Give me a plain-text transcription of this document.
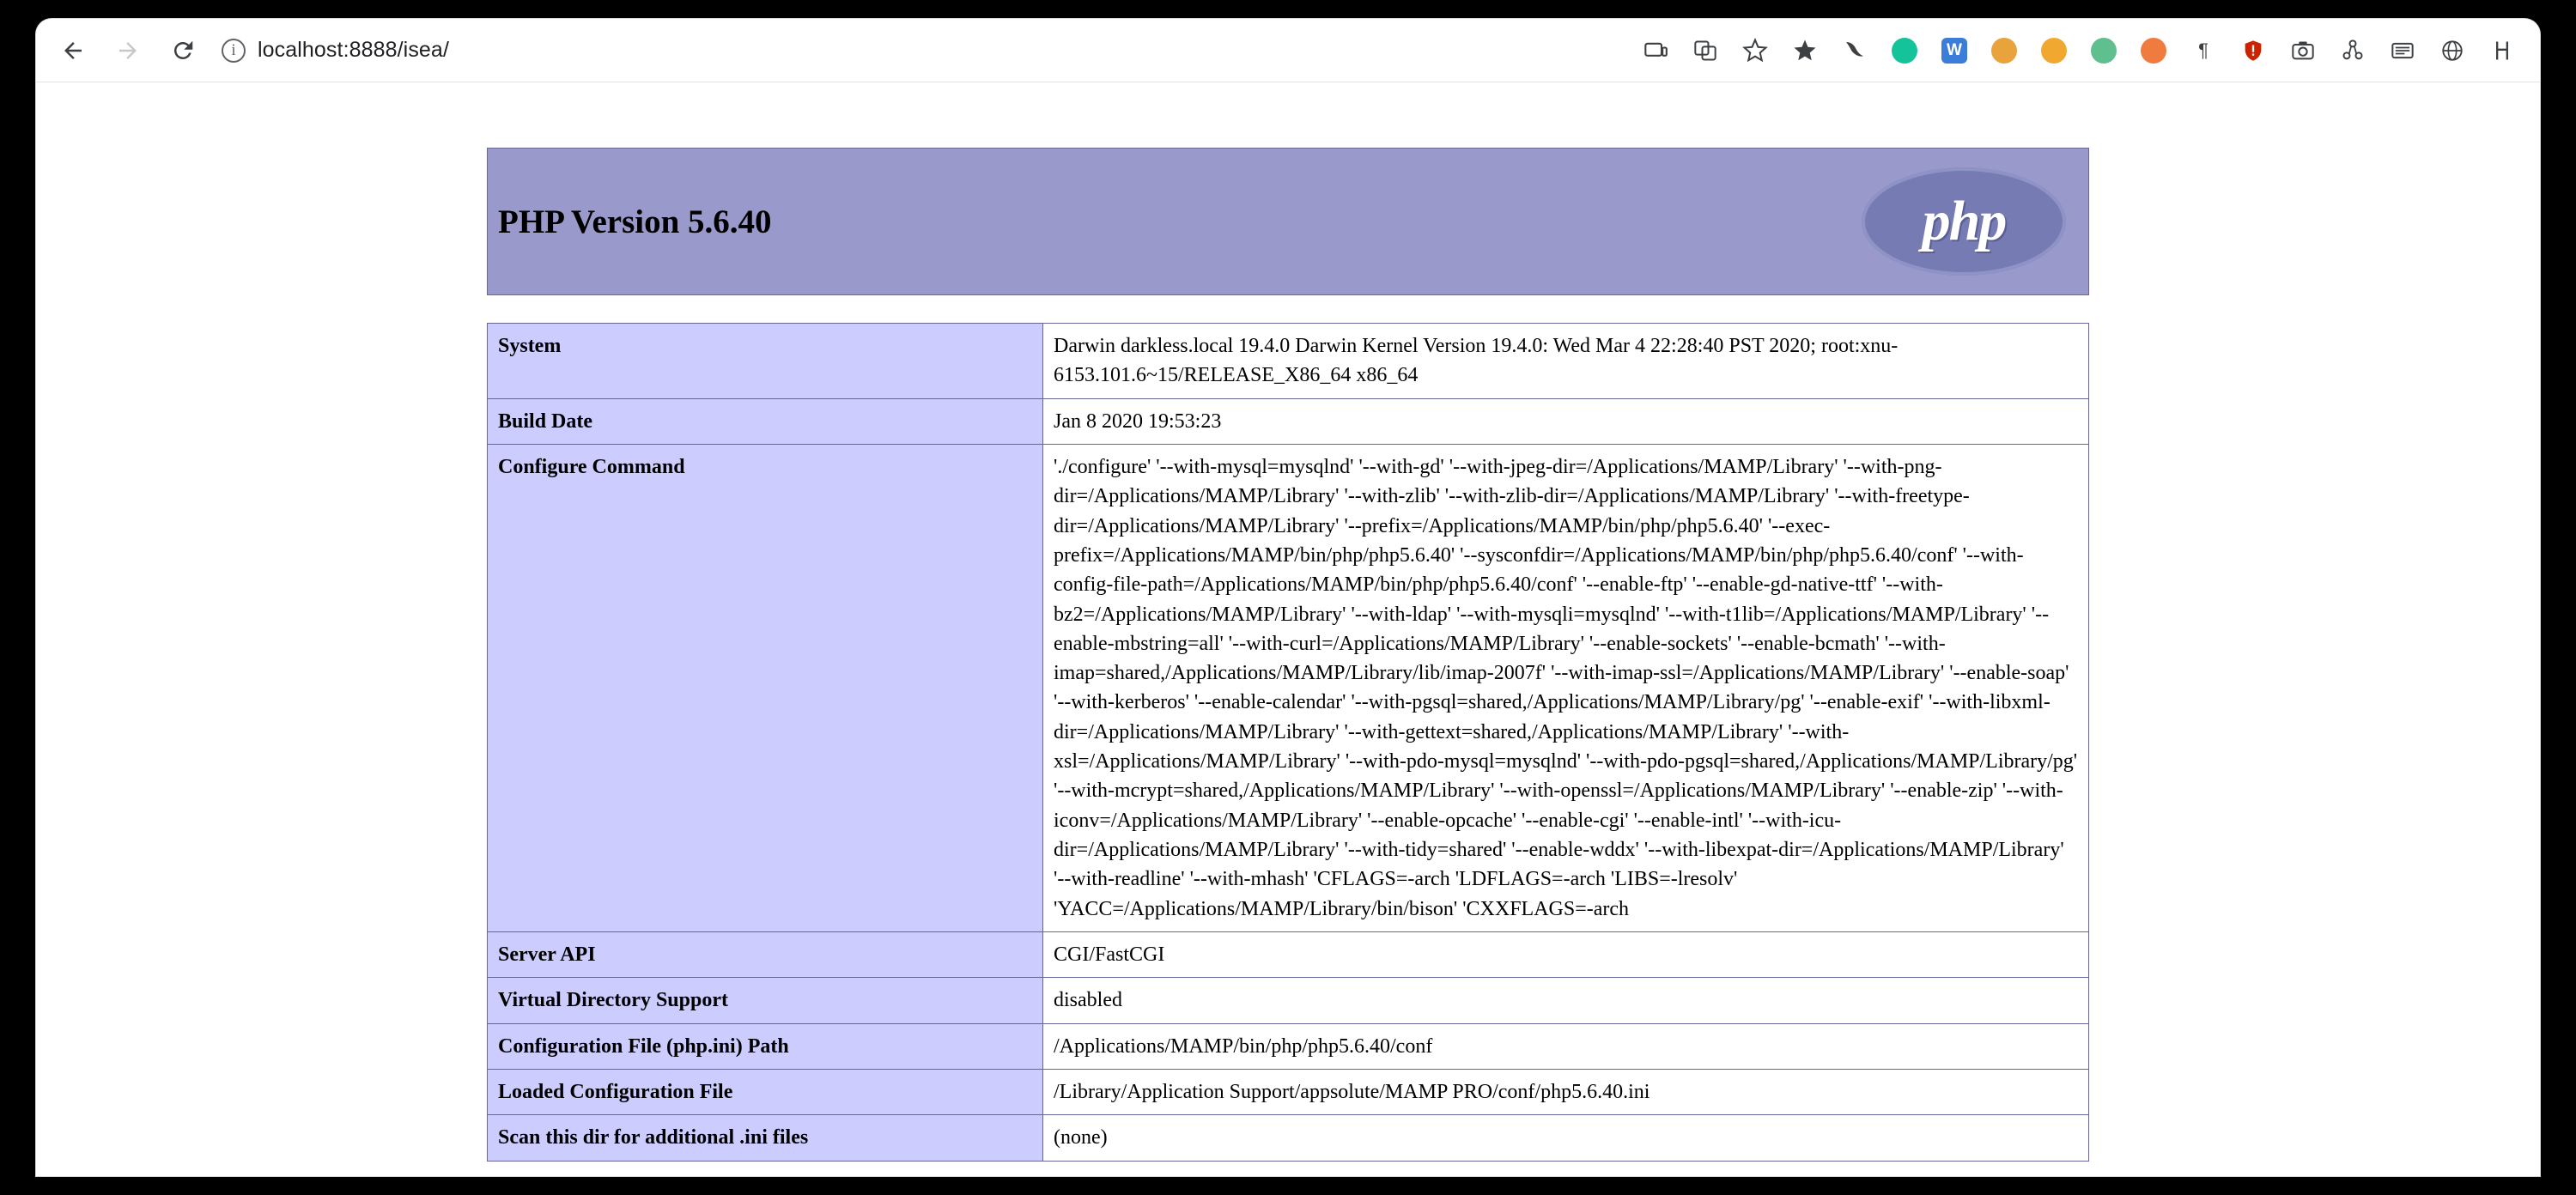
i	localhost:8888/isea/	W	¶
PHP Version 5.6.40	php
System	Darwin darkless.local 19.4.0 Darwin Kernel Version 19.4.0: Wed Mar 4 22:28:40 PST 2020; root:xnu-6153.101.6~15/RELEASE_X86_64 x86_64
Build Date	Jan 8 2020 19:53:23
Configure Command	'./configure' '--with-mysql=mysqlnd' '--with-gd' '--with-jpeg-dir=/Applications/MAMP/Library' '--with-png-dir=/Applications/MAMP/Library' '--with-zlib' '--with-zlib-dir=/Applications/MAMP/Library' '--with-freetype-dir=/Applications/MAMP/Library' '--prefix=/Applications/MAMP/bin/php/php5.6.40' '--exec-prefix=/Applications/MAMP/bin/php/php5.6.40' '--sysconfdir=/Applications/MAMP/bin/php/php5.6.40/conf' '--with-config-file-path=/Applications/MAMP/bin/php/php5.6.40/conf' '--enable-ftp' '--enable-gd-native-ttf' '--with-bz2=/Applications/MAMP/Library' '--with-ldap' '--with-mysqli=mysqlnd' '--with-t1lib=/Applications/MAMP/Library' '--enable-mbstring=all' '--with-curl=/Applications/MAMP/Library' '--enable-sockets' '--enable-bcmath' '--with-imap=shared,/Applications/MAMP/Library/lib/imap-2007f' '--with-imap-ssl=/Applications/MAMP/Library' '--enable-soap' '--with-kerberos' '--enable-calendar' '--with-pgsql=shared,/Applications/MAMP/Library/pg' '--enable-exif' '--with-libxml-dir=/Applications/MAMP/Library' '--with-gettext=shared,/Applications/MAMP/Library' '--with-xsl=/Applications/MAMP/Library' '--with-pdo-mysql=mysqlnd' '--with-pdo-pgsql=shared,/Applications/MAMP/Library/pg' '--with-mcrypt=shared,/Applications/MAMP/Library' '--with-openssl=/Applications/MAMP/Library' '--enable-zip' '--with-iconv=/Applications/MAMP/Library' '--enable-opcache' '--enable-cgi' '--enable-intl' '--with-icu-dir=/Applications/MAMP/Library' '--with-tidy=shared' '--enable-wddx' '--with-libexpat-dir=/Applications/MAMP/Library' '--with-readline' '--with-mhash' 'CFLAGS=-arch 'LDFLAGS=-arch 'LIBS=-lresolv' 'YACC=/Applications/MAMP/Library/bin/bison' 'CXXFLAGS=-arch
Server API	CGI/FastCGI
Virtual Directory Support	disabled
Configuration File (php.ini) Path	/Applications/MAMP/bin/php/php5.6.40/conf
Loaded Configuration File	/Library/Application Support/appsolute/MAMP PRO/conf/php5.6.40.ini
Scan this dir for additional .ini files	(none)
